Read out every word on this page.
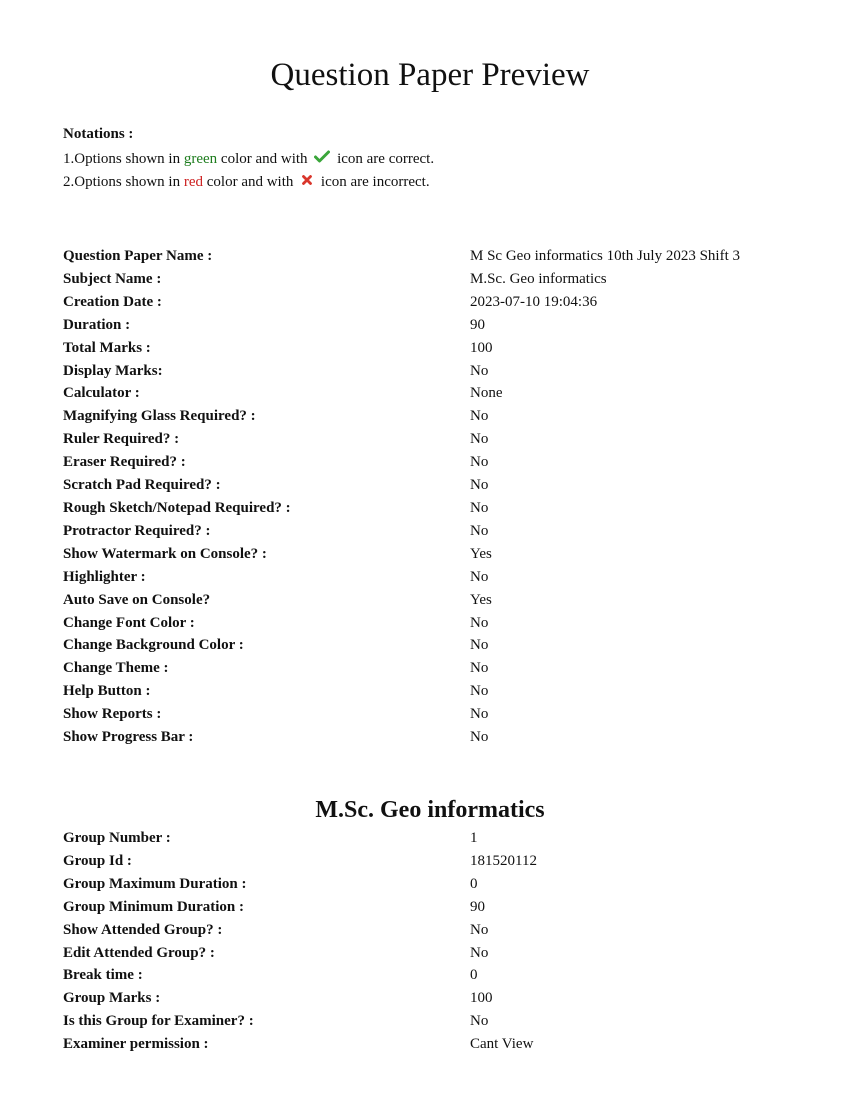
Question Paper Preview
Notations :
1.Options shown in green color and with  icon are correct.
2.Options shown in red color and with  icon are incorrect.
Question Paper Name :	M Sc Geo informatics 10th July 2023 Shift 3
Subject Name :	M.Sc. Geo informatics
Creation Date :	2023-07-10 19:04:36
Duration :	90
Total Marks :	100
Display Marks:	No
Calculator :	None
Magnifying Glass Required? :	No
Ruler Required? :	No
Eraser Required? :	No
Scratch Pad Required? :	No
Rough Sketch/Notepad Required? :	No
Protractor Required? :	No
Show Watermark on Console? :	Yes
Highlighter :	No
Auto Save on Console?	Yes
Change Font Color :	No
Change Background Color :	No
Change Theme :	No
Help Button :	No
Show Reports :	No
Show Progress Bar :	No
M.Sc. Geo informatics
Group Number :	1
Group Id :	181520112
Group Maximum Duration :	0
Group Minimum Duration :	90
Show Attended Group? :	No
Edit Attended Group? :	No
Break time :	0
Group Marks :	100
Is this Group for Examiner? :	No
Examiner permission :	Cant View
